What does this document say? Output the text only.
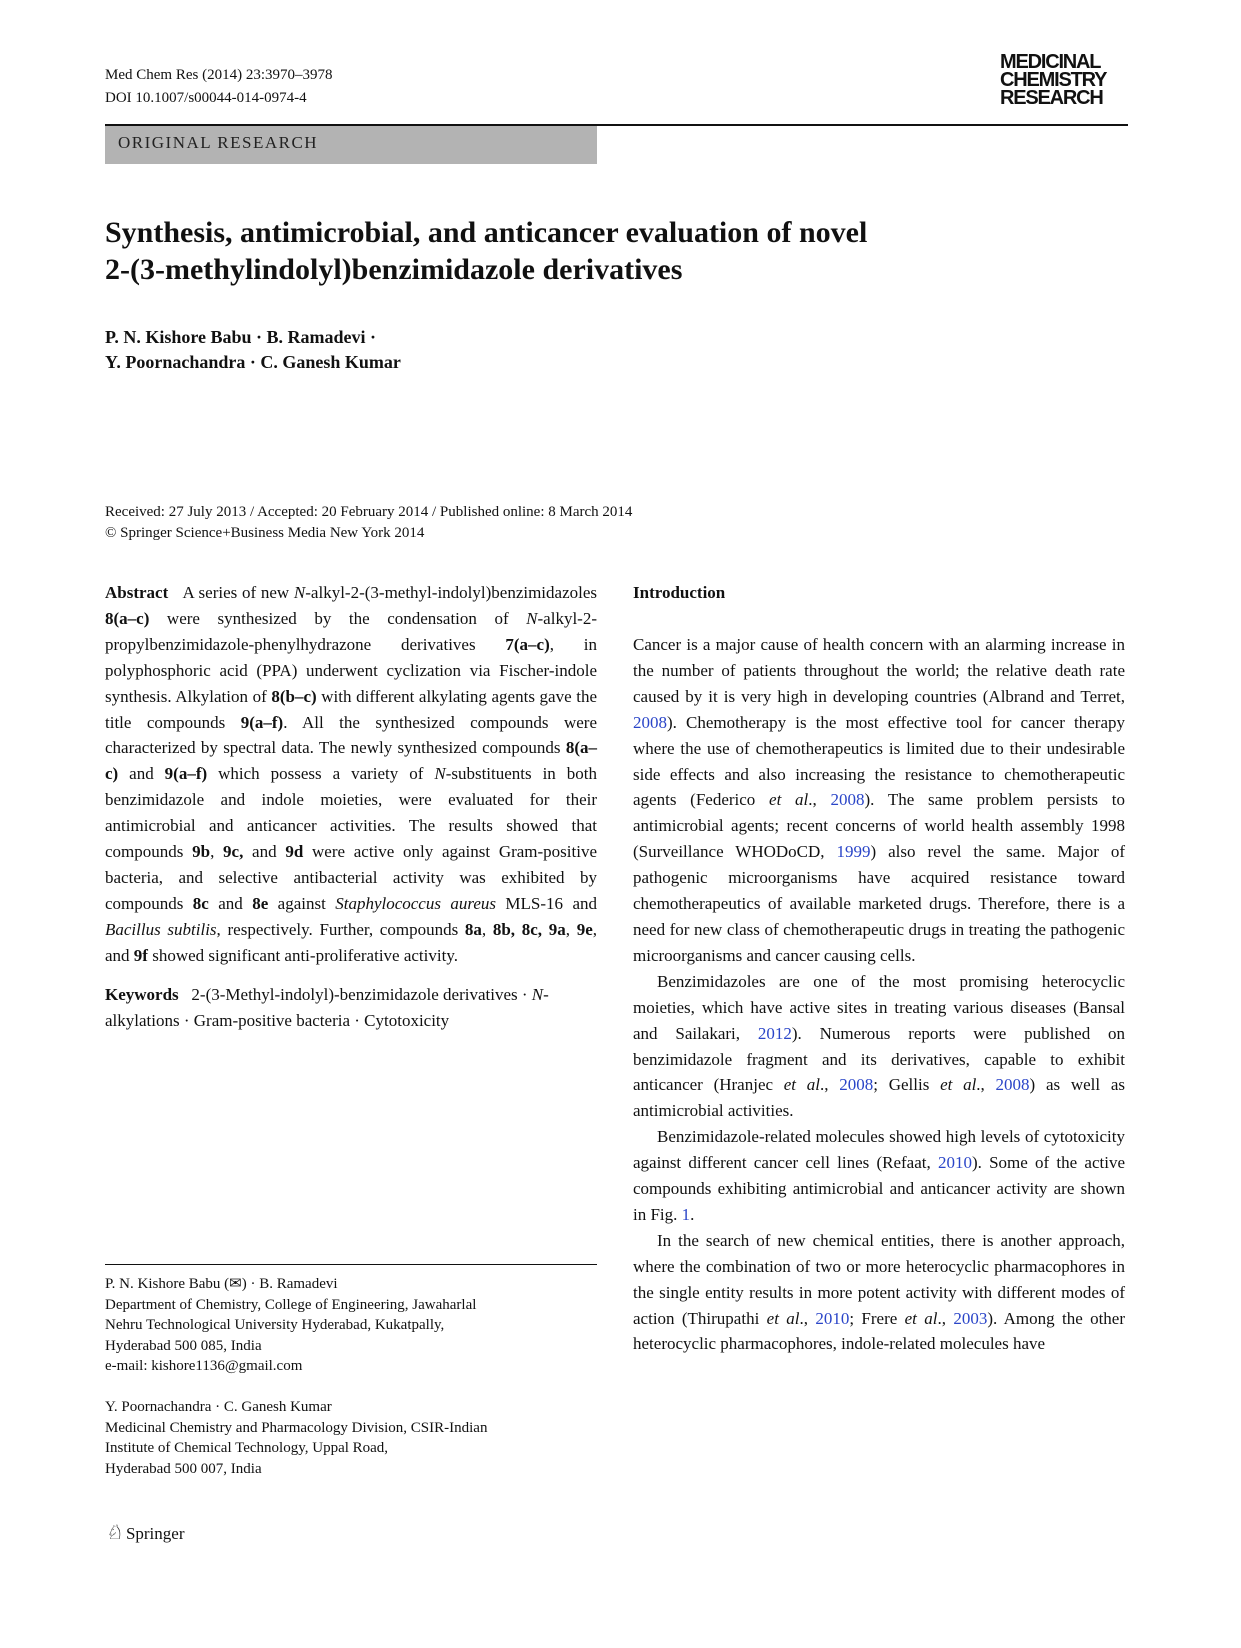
Med Chem Res (2014) 23:3970–3978
DOI 10.1007/s00044-014-0974-4
MEDICINAL
CHEMISTRY
RESEARCH
ORIGINAL RESEARCH
Synthesis, antimicrobial, and anticancer evaluation of novel
2-(3-methylindolyl)benzimidazole derivatives
P. N. Kishore Babu · B. Ramadevi ·
Y. Poornachandra · C. Ganesh Kumar
Received: 27 July 2013 / Accepted: 20 February 2014 / Published online: 8 March 2014
© Springer Science+Business Media New York 2014

Abstract A series of new N-alkyl-2-(3-methyl-indolyl)benzimidazoles 8(a–c) were synthesized by the condensation of N-alkyl-2-propylbenzimidazole-phenylhydrazone derivatives 7(a–c), in polyphosphoric acid (PPA) underwent cyclization via Fischer-indole synthesis. Alkylation of 8(b–c) with different alkylating agents gave the title compounds 9(a–f). All the synthesized compounds were characterized by spectral data. The newly synthesized compounds 8(a–c) and 9(a–f) which possess a variety of N-substituents in both benzimidazole and indole moieties, were evaluated for their antimicrobial and anticancer activities. The results showed that compounds 9b, 9c, and 9d were active only against Gram-positive bacteria, and selective antibacterial activity was exhibited by compounds 8c and 8e against Staphylococcus aureus MLS-16 and Bacillus subtilis, respectively. Further, compounds 8a, 8b, 8c, 9a, 9e, and 9f showed significant anti-proliferative activity.

Keywords 2-(3-Methyl-indolyl)-benzimidazole derivatives · N-alkylations · Gram-positive bacteria · Cytotoxicity

P. N. Kishore Babu (✉) · B. Ramadevi
Department of Chemistry, College of Engineering, Jawaharlal
Nehru Technological University Hyderabad, Kukatpally,
Hyderabad 500 085, India
e-mail: kishore1136@gmail.com
Y. Poornachandra · C. Ganesh Kumar
Medicinal Chemistry and Pharmacology Division, CSIR-Indian
Institute of Chemical Technology, Uppal Road,
Hyderabad 500 007, India
♘ Springer
Introduction

Cancer is a major cause of health concern with an alarming increase in the number of patients throughout the world; the relative death rate caused by it is very high in developing countries (Albrand and Terret, 2008). Chemotherapy is the most effective tool for cancer therapy where the use of chemotherapeutics is limited due to their undesirable side effects and also increasing the resistance to chemotherapeutic agents (Federico et al., 2008). The same problem persists to antimicrobial agents; recent concerns of world health assembly 1998 (Surveillance WHODoCD, 1999) also revel the same. Major of pathogenic microorganisms have acquired resistance toward chemotherapeutics of available marketed drugs. Therefore, there is a need for new class of chemotherapeutic drugs in treating the pathogenic microorganisms and cancer causing cells.

Benzimidazoles are one of the most promising heterocyclic moieties, which have active sites in treating various diseases (Bansal and Sailakari, 2012). Numerous reports were published on benzimidazole fragment and its derivatives, capable to exhibit anticancer (Hranjec et al., 2008; Gellis et al., 2008) as well as antimicrobial activities.

Benzimidazole-related molecules showed high levels of cytotoxicity against different cancer cell lines (Refaat, 2010). Some of the active compounds exhibiting antimicrobial and anticancer activity are shown in Fig. 1.

In the search of new chemical entities, there is another approach, where the combination of two or more heterocyclic pharmacophores in the single entity results in more potent activity with different modes of action (Thirupathi et al., 2010; Frere et al., 2003). Among the other heterocyclic pharmacophores, indole-related molecules have
